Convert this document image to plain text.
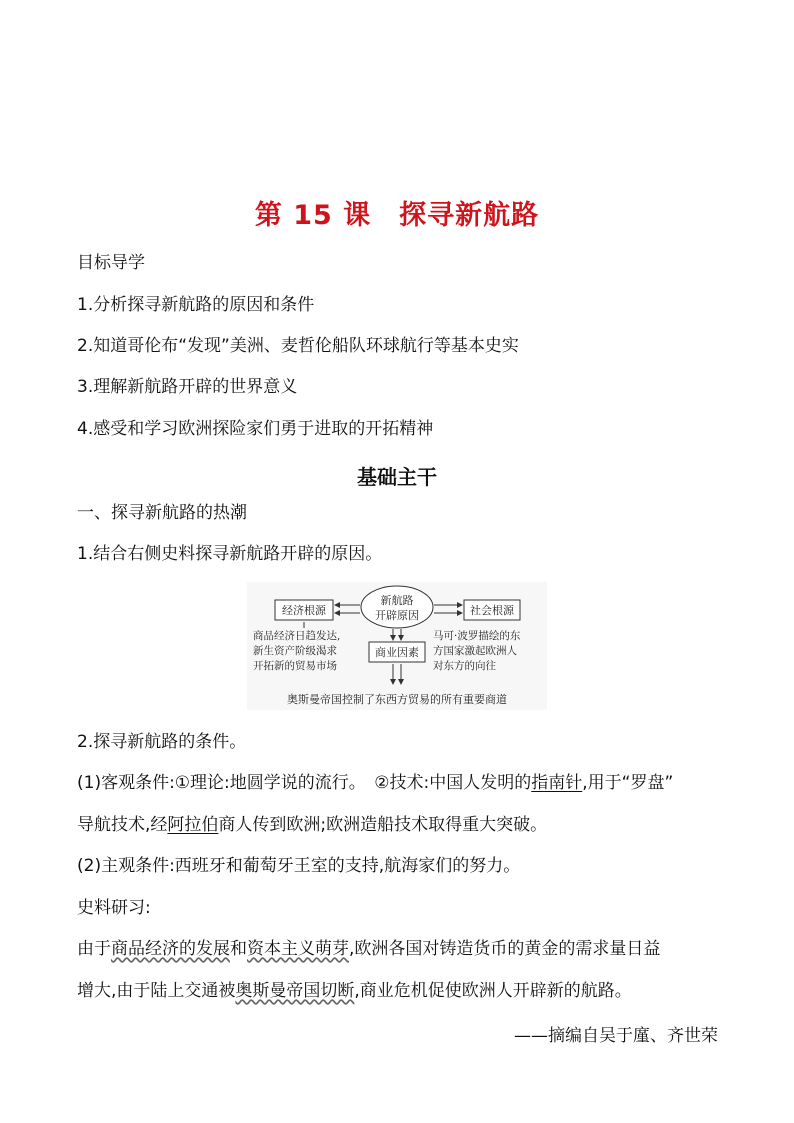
第 15 课　探寻新航路
目标导学
1.分析探寻新航路的原因和条件
2.知道哥伦布“发现”美洲、麦哲伦船队环球航行等基本史实
3.理解新航路开辟的世界意义
4.感受和学习欧洲探险家们勇于进取的开拓精神
基础主干
一、探寻新航路的热潮
1.结合右侧史料探寻新航路开辟的原因。
新航路
开辟原因
经济根源	社会根源
商业因素
商品经济日趋发达,
新生资产阶级渴求
开拓新的贸易市场
马可·波罗描绘的东
方国家激起欧洲人
对东方的向往
奥斯曼帝国控制了东西方贸易的所有重要商道
2.探寻新航路的条件。
(1)客观条件:①理论:地圆学说的流行。　②技术:中国人发明的指南针,用于“罗盘”
导航技术,经阿拉伯商人传到欧洲;欧洲造船技术取得重大突破。
(2)主观条件:西班牙和葡萄牙王室的支持,航海家们的努力。
史料研习:
由于商品经济的发展和资本主义萌芽,欧洲各国对铸造货币的黄金的需求量日益
增大,由于陆上交通被奥斯曼帝国切断,商业危机促使欧洲人开辟新的航路。
——摘编自吴于廑、齐世荣
